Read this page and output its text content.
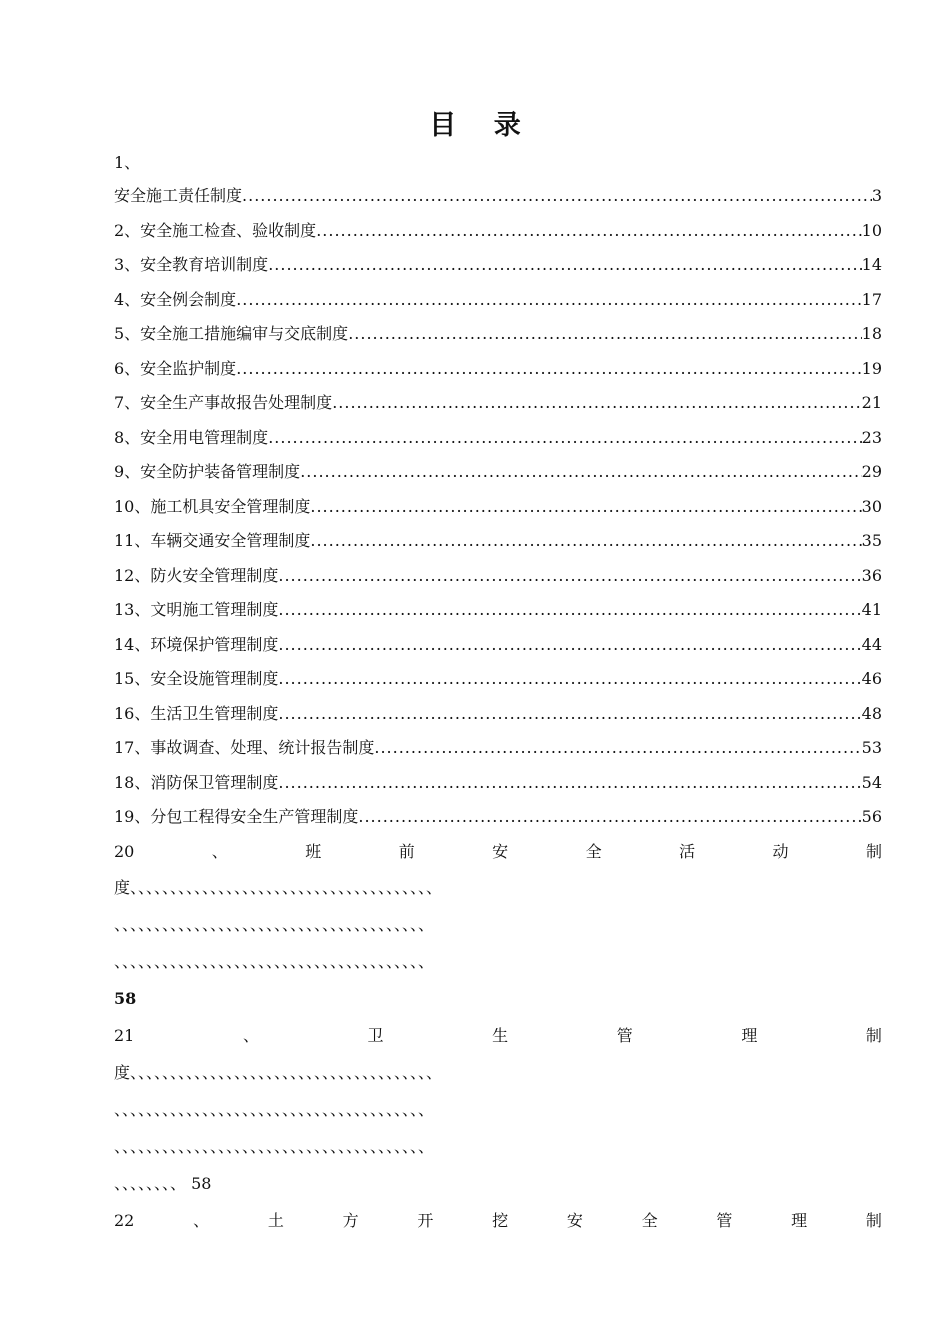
目 录
1、
安全施工责任制度 .....	3
2、安全施工检查、验收制度 .....	10
3、安全教育培训制度 .....	14
4、安全例会制度 .....	17
5、安全施工措施编审与交底制度 .....	18
6、安全监护制度 .....	19
7、安全生产事故报告处理制度 .....	21
8、安全用电管理制度 .....	23
9、安全防护装备管理制度 .....	29
10、施工机具安全管理制度 .....	30
11、车辆交通安全管理制度 .....	35
12、防火安全管理制度 .....	36
13、文明施工管理制度 .....	41
14、环境保护管理制度 .....	44
15、安全设施管理制度 .....	46
16、生活卫生管理制度 .....	48
17、事故调查、处理、统计报告制度 .....	53
18、消防保卫管理制度 .....	54
19、分包工程得安全生产管理制度 .....	56
20	、	班	前	安	全	活	动	制
度、、、、、、、、、、、、、、、、、、、、、、、、、、、、、、、、、、、、、、
、、、、、、、、、、、、、、、、、、、、、、、、、、、、、、、、、、、、、、、
、、、、、、、、、、、、、、、、、、、、、、、、、、、、、、、、、、、、、、、
58
21	、	卫	生	管	理	制
度、、、、、、、、、、、、、、、、、、、、、、、、、、、、、、、、、、、、、、
、、、、、、、、、、、、、、、、、、、、、、、、、、、、、、、、、、、、、、、
、、、、、、、、、、、、、、、、、、、、、、、、、、、、、、、、、、、、、、、
、、、、、、、、 58
22	、	土	方	开	挖	安	全	管	理	制
